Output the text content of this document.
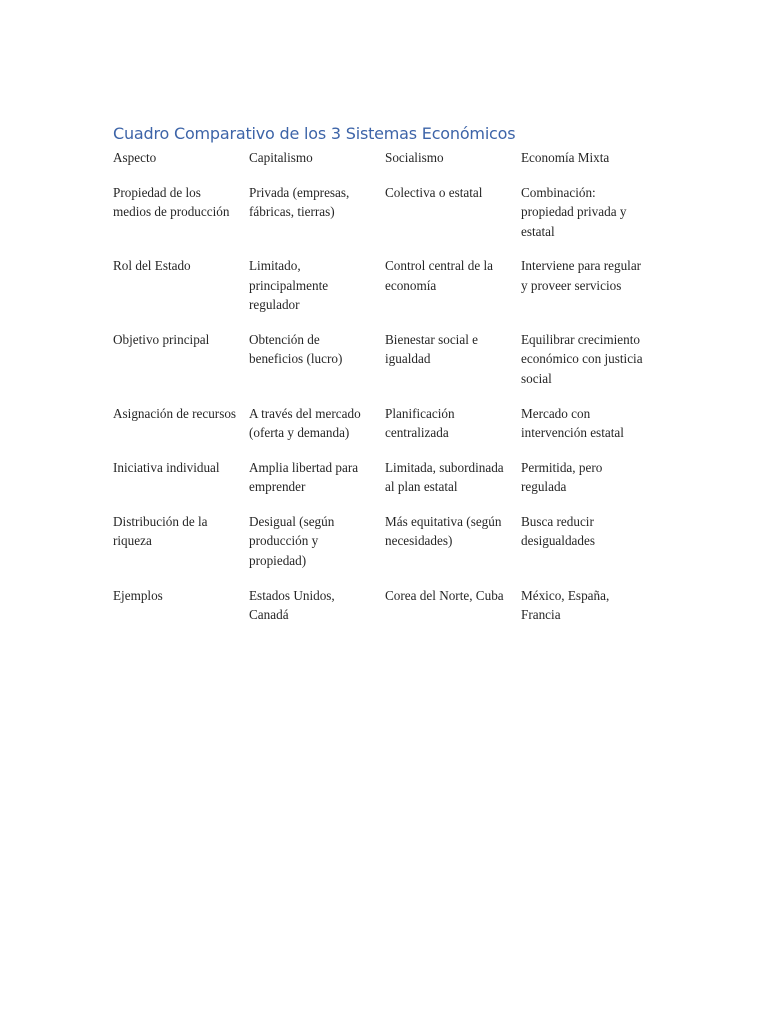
Cuadro Comparativo de los 3 Sistemas Económicos
Aspecto	Capitalismo	Socialismo	Economía Mixta
Propiedad de los medios de producción	Privada (empresas, fábricas, tierras)	Colectiva o estatal	Combinación: propiedad privada y estatal
Rol del Estado	Limitado, principalmente regulador	Control central de la economía	Interviene para regular y proveer servicios
Objetivo principal	Obtención de beneficios (lucro)	Bienestar social e igualdad	Equilibrar crecimiento económico con justicia social
Asignación de recursos	A través del mercado (oferta y demanda)	Planificación centralizada	Mercado con intervención estatal
Iniciativa individual	Amplia libertad para emprender	Limitada, subordinada al plan estatal	Permitida, pero regulada
Distribución de la riqueza	Desigual (según producción y propiedad)	Más equitativa (según necesidades)	Busca reducir desigualdades
Ejemplos	Estados Unidos, Canadá	Corea del Norte, Cuba	México, España, Francia
